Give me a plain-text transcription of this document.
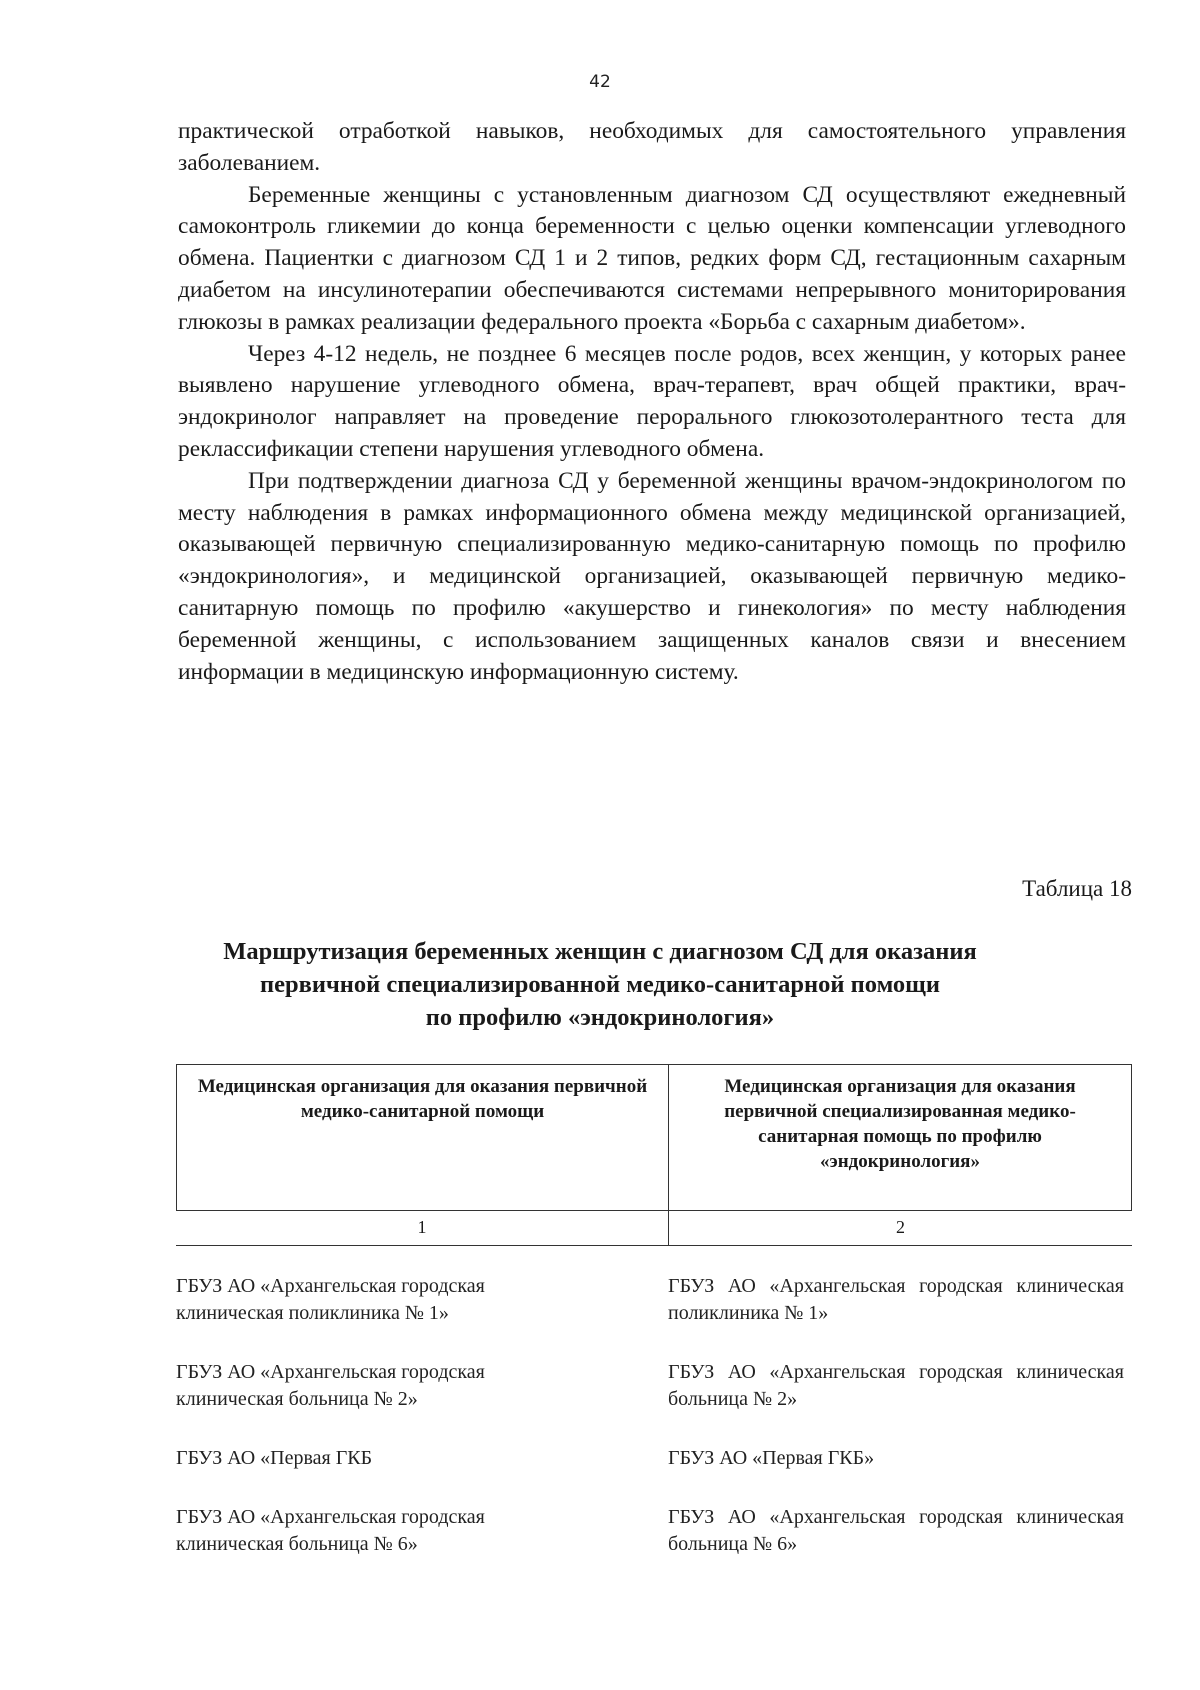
42

практической отработкой навыков, необходимых для самостоятельного управления заболеванием.

Беременные женщины с установленным диагнозом СД осуществляют ежедневный самоконтроль гликемии до конца беременности с целью оценки компенсации углеводного обмена. Пациентки с диагнозом СД 1 и 2 типов, редких форм СД, гестационным сахарным диабетом на инсулинотерапии обеспечиваются системами непрерывного мониторирования глюкозы в рамках реализации федерального проекта «Борьба с сахарным диабетом».

Через 4-12 недель, не позднее 6 месяцев после родов, всех женщин, у которых ранее выявлено нарушение углеводного обмена, врач-терапевт, врач общей практики, врач-эндокринолог направляет на проведение перорального глюкозотолерантного теста для реклассификации степени нарушения углеводного обмена.

При подтверждении диагноза СД у беременной женщины врачом-эндокринологом по месту наблюдения в рамках информационного обмена между медицинской организацией, оказывающей первичную специализированную медико-санитарную помощь по профилю «эндокринология», и медицинской организацией, оказывающей первичную медико-санитарную помощь по профилю «акушерство и гинекология» по месту наблюдения беременной женщины, с использованием защищенных каналов связи и внесением информации в медицинскую информационную систему.

Таблица 18
Маршрутизация беременных женщин с диагнозом СД для оказания
первичной специализированной медико-санитарной помощи
по профилю «эндокринология»
Медицинская организация для оказания первичной медико-санитарной помощи
Медицинская организация для оказания первичной специализированная медико-санитарная помощь по профилю «эндокринология»
1	2
ГБУЗ АО «Архангельская городская клиническая поликлиника № 1»
ГБУЗ АО «Архангельская городская клиническая поликлиника № 1»
ГБУЗ АО «Архангельская городская клиническая больница № 2»
ГБУЗ АО «Архангельская городская клиническая больница № 2»
ГБУЗ АО «Первая ГКБ	ГБУЗ АО «Первая ГКБ»
ГБУЗ АО «Архангельская городская клиническая больница № 6»
ГБУЗ АО «Архангельская городская клиническая больница № 6»
